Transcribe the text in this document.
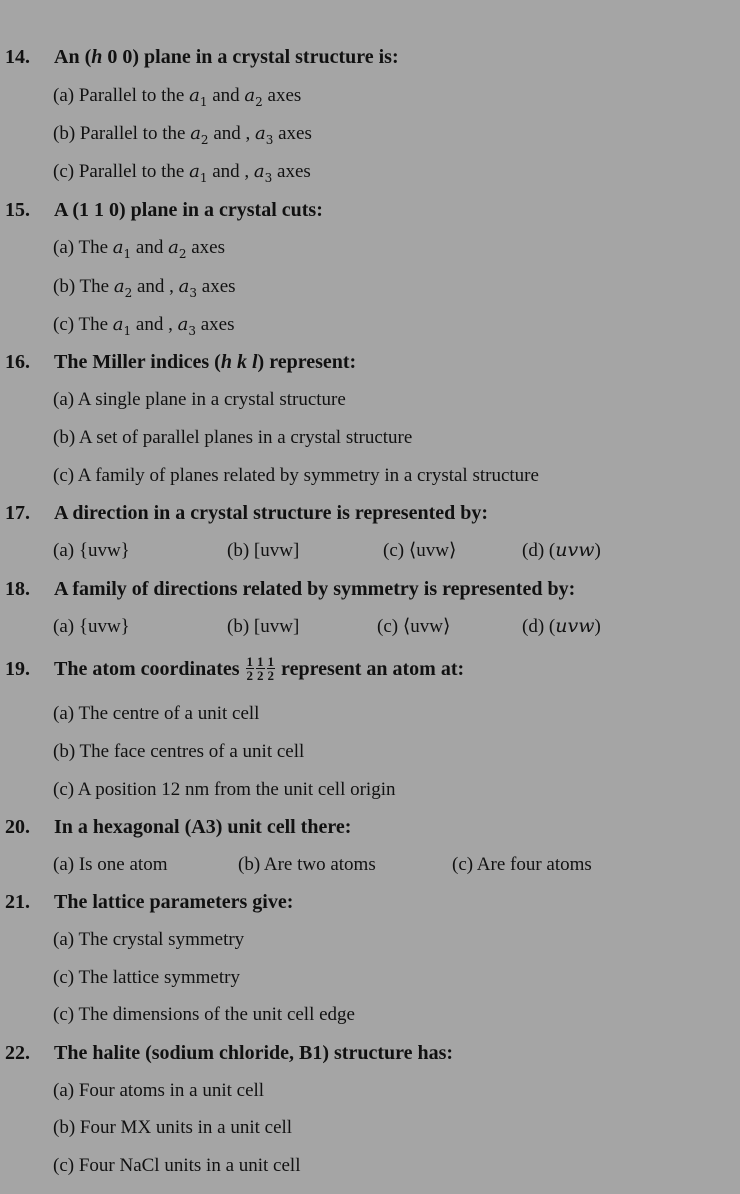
14. An (h 0 0) plane in a crystal structure is:
(a) Parallel to the $a_1$ and $a_2$ axes
(b) Parallel to the $a_2$ and , $a_3$ axes
(c) Parallel to the $a_1$ and , $a_3$ axes
15. A (1 1 0) plane in a crystal cuts:
(a) The $a_1$ and $a_2$ axes
(b) The $a_2$ and , $a_3$ axes
(c) The $a_1$ and , $a_3$ axes
16. The Miller indices (h k l) represent:
(a) A single plane in a crystal structure
(b) A set of parallel planes in a crystal structure
(c) A family of planes related by symmetry in a crystal structure
17. A direction in a crystal structure is represented by:
(a) {uvw}	(b) [uvw]	(c) ⟨uvw⟩	(d) (𝑢𝑣𝑤)
18. A family of directions related by symmetry is represented by:
(a) {uvw}	(b) [uvw]	(c) ⟨uvw⟩	(d) (𝑢𝑣𝑤)
19. The atom coordinates $\frac{1}{2} \frac{1}{2} \frac{1}{2}$ represent an atom at:
(a) The centre of a unit cell
(b) The face centres of a unit cell
(c) A position 12 nm from the unit cell origin
20. In a hexagonal (A3) unit cell there:
(a) Is one atom	(b) Are two atoms	(c) Are four atoms
21. The lattice parameters give:
(a) The crystal symmetry
(c) The lattice symmetry
(c) The dimensions of the unit cell edge
22. The halite (sodium chloride, B1) structure has:
(a) Four atoms in a unit cell
(b) Four MX units in a unit cell
(c) Four NaCl units in a unit cell
